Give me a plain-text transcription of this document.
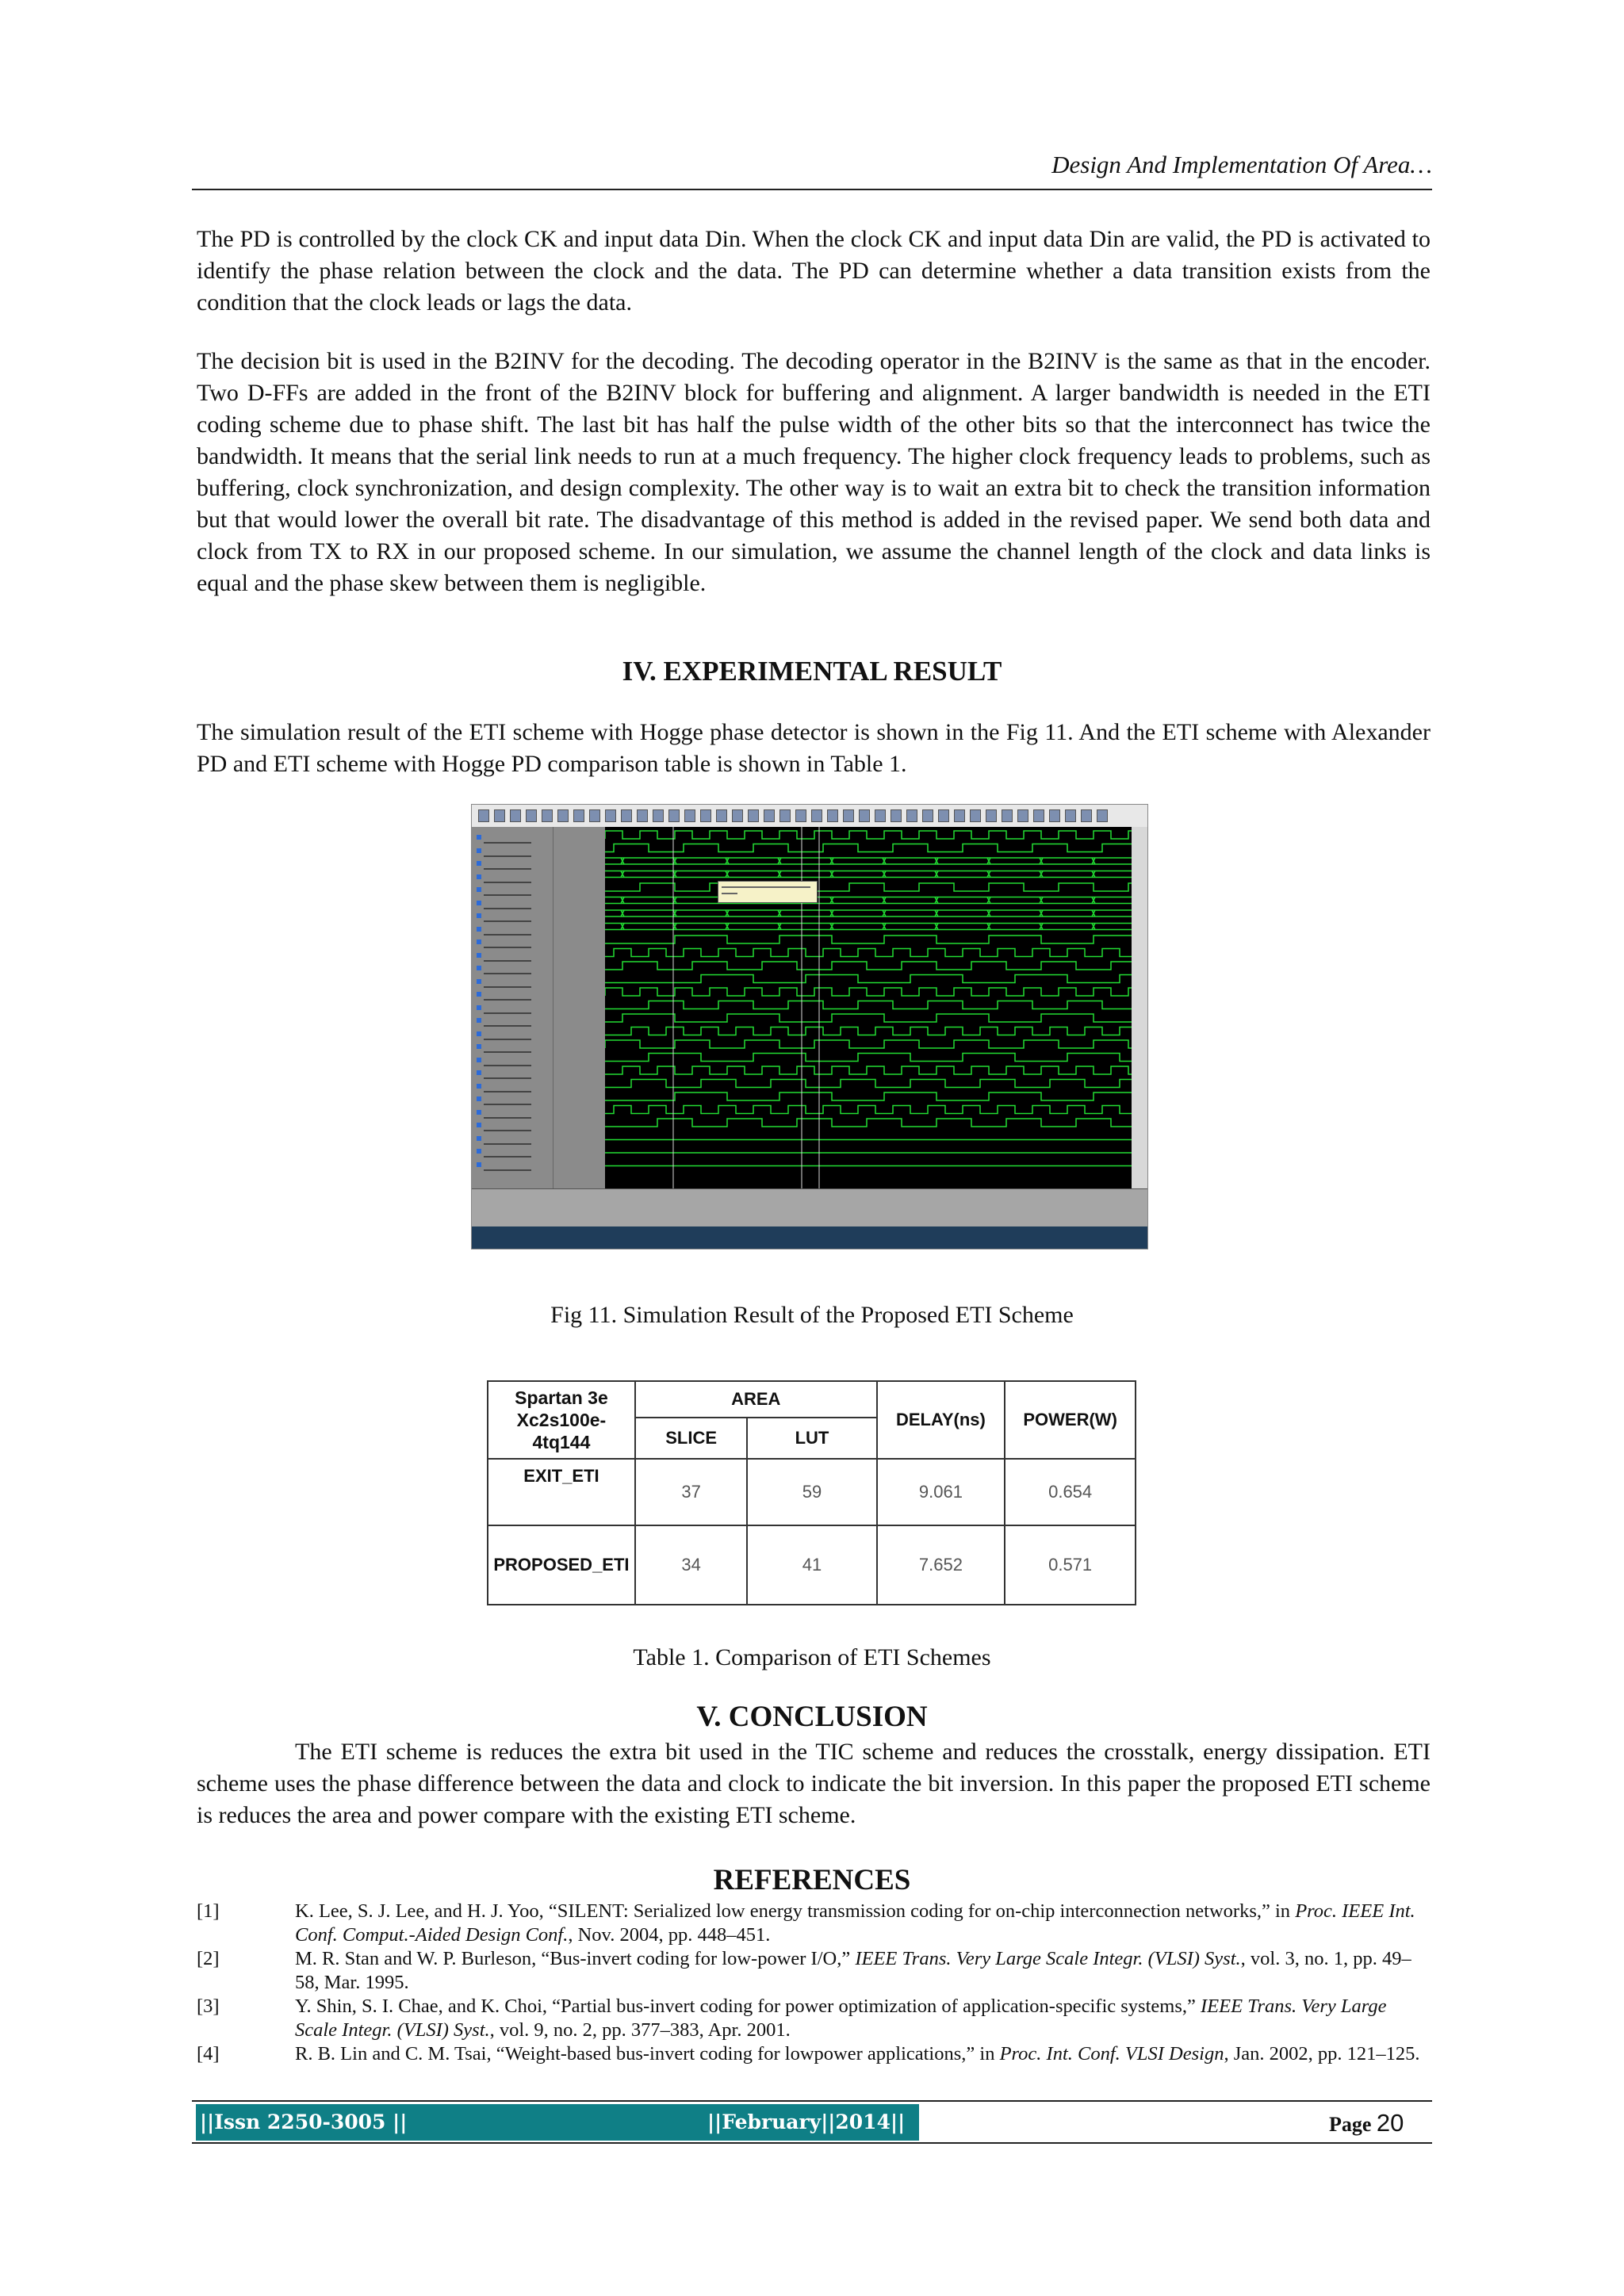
Design And Implementation Of Area…
The PD is controlled by the clock CK and input data Din. When the clock CK and input data Din are valid, the PD is activated to identify the phase relation between the clock and the data. The PD can determine whether a data transition exists from the condition that the clock leads or lags the data.
The decision bit is used in the B2INV for the decoding. The decoding operator in the B2INV is the same as that in the encoder. Two D-FFs are added in the front of the B2INV block for buffering and alignment. A larger bandwidth is needed in the ETI coding scheme due to phase shift. The last bit has half the pulse width of the other bits so that the interconnect has twice the bandwidth. It means that the serial link needs to run at a much frequency. The higher clock frequency leads to problems, such as buffering, clock synchronization, and design complexity. The other way is to wait an extra bit to check the transition information but that would lower the overall bit rate. The disadvantage of this method is added in the revised paper. We send both data and clock from TX to RX in our proposed scheme. In our simulation, we assume the channel length of the clock and data links is equal and the phase skew between them is negligible.
IV. EXPERIMENTAL RESULT
The simulation result of the ETI scheme with Hogge phase detector is shown in the Fig 11. And the ETI scheme with Alexander PD and ETI scheme with Hogge PD comparison table is shown in Table 1.
Fig 11. Simulation Result of the Proposed ETI Scheme
Spartan 3e
Xc2s100e-
4tq144	AREA		DELAY(ns)	POWER(W)
	SLICE	LUT		
EXIT_ETI	37	59	9.061	0.654
PROPOSED_ETI	34	41	7.652	0.571
Table 1. Comparison of ETI Schemes
V. CONCLUSION
The ETI scheme is reduces the extra bit used in the TIC scheme and reduces the crosstalk, energy dissipation. ETI scheme uses the phase difference between the data and clock to indicate the bit inversion. In this paper the proposed ETI scheme is reduces the area and power compare with the existing ETI scheme.
REFERENCES
[1]	K. Lee, S. J. Lee, and H. J. Yoo, “SILENT: Serialized low energy transmission coding for on-chip interconnection networks,” in Proc. IEEE Int. Conf. Comput.-Aided Design Conf., Nov. 2004, pp. 448–451.
[2]	M. R. Stan and W. P. Burleson, “Bus-invert coding for low-power I/O,” IEEE Trans. Very Large Scale Integr. (VLSI) Syst., vol. 3, no. 1, pp. 49–58, Mar. 1995.
[3]	Y. Shin, S. I. Chae, and K. Choi, “Partial bus-invert coding for power optimization of application-specific systems,” IEEE Trans. Very Large Scale Integr. (VLSI) Syst., vol. 9, no. 2, pp. 377–383, Apr. 2001.
[4]	R. B. Lin and C. M. Tsai, “Weight-based bus-invert coding for lowpower applications,” in Proc. Int. Conf. VLSI Design, Jan. 2002, pp. 121–125.
||Issn 2250-3005 ||	||February||2014||	Page 20
